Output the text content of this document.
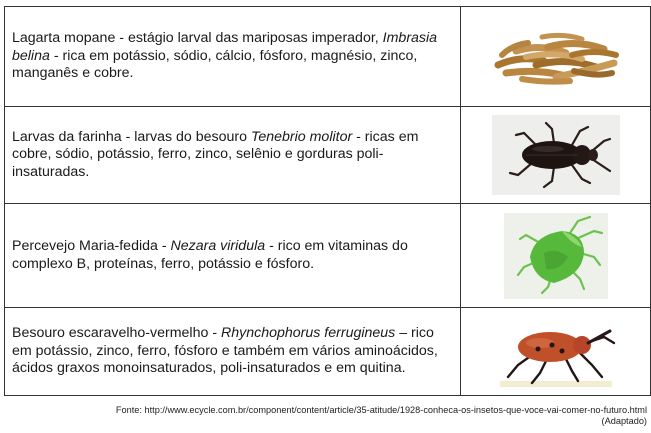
Lagarta mopane - estágio larval das mariposas imperador, Imbrasia belina - rica em potássio, sódio, cálcio, fósforo, magnésio, zinco, manganês e cobre.	

Larvas da farinha - larvas do besouro Tenebrio molitor - ricas em cobre, sódio, potássio, ferro, zinco, selênio e gorduras poli-insaturadas.	

Percevejo Maria-fedida - Nezara viridula - rico em vitaminas do complexo B, proteínas, ferro, potássio e fósforo.	

Besouro escaravelho-vermelho - Rhynchophorus ferrugineus – rico em potássio, zinco, ferro, fósforo e também em vários aminoácidos, ácidos graxos monoinsaturados, poli-insaturados e em quitina.	
Fonte: http://www.ecycle.com.br/component/content/article/35-atitude/1928-conheca-os-insetos-que-voce-vai-comer-no-futuro.html
(Adaptado)
